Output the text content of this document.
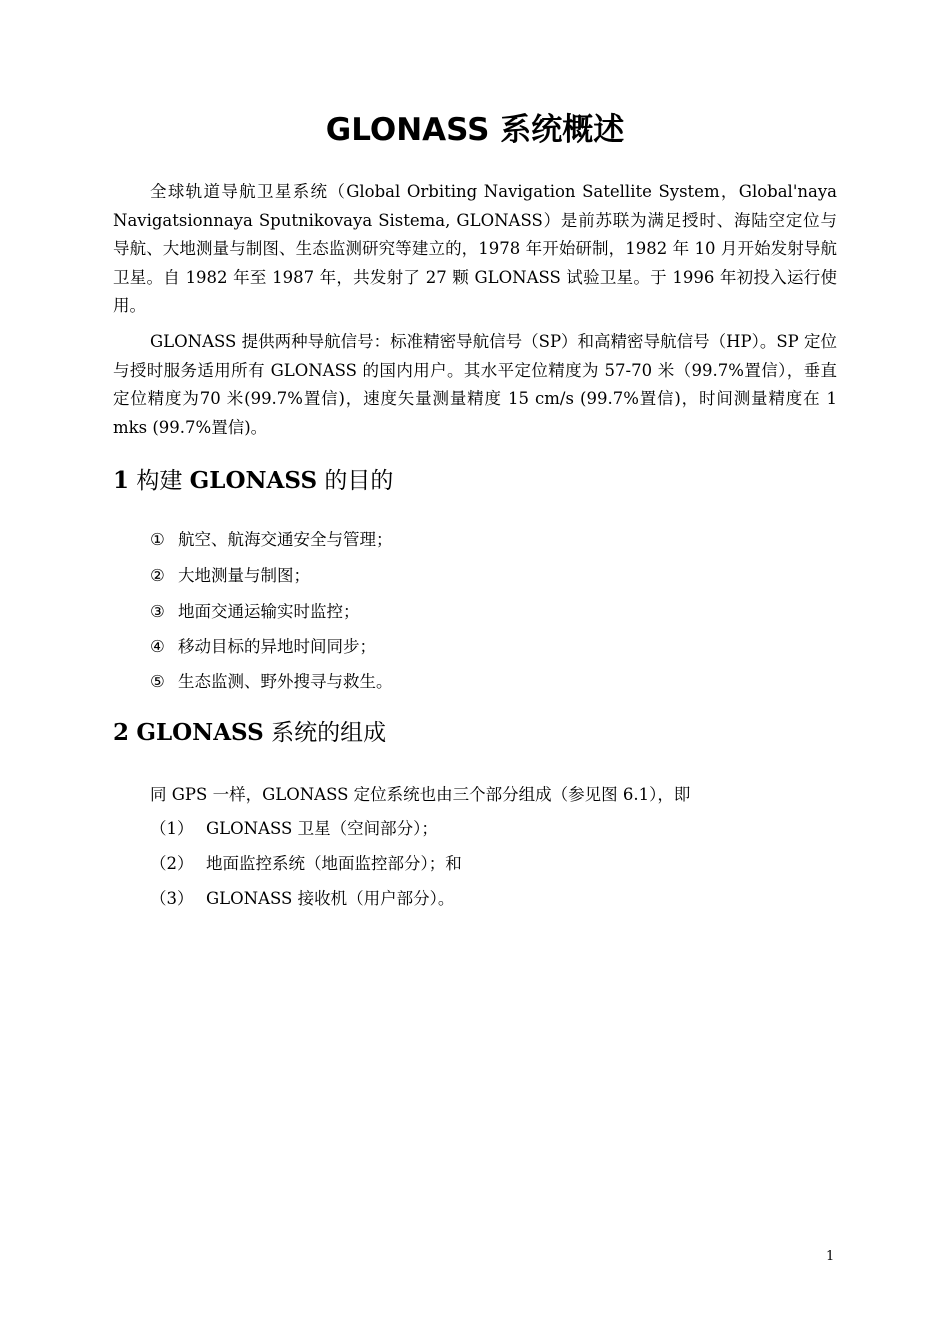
GLONASS 系统概述

全球轨道导航卫星系统（Global Orbiting Navigation Satellite System，Global'naya Navigatsionnaya Sputnikovaya Sistema, GLONASS）是前苏联为满足授时、海陆空定位与导航、大地测量与制图、生态监测研究等建立的，1978 年开始研制，1982 年 10 月开始发射导航卫星。自 1982 年至 1987 年，共发射了 27 颗 GLONASS 试验卫星。于 1996 年初投入运行使用。

GLONASS 提供两种导航信号：标准精密导航信号（SP）和高精密导航信号（HP）。SP 定位与授时服务适用所有 GLONASS 的国内用户。其水平定位精度为 57-70 米（99.7%置信），垂直定位精度为70 米(99.7%置信)，速度矢量测量精度 15 cm/s (99.7%置信)，时间测量精度在 1 mks (99.7%置信)。

1 构建 GLONASS 的目的

① 航空、航海交通安全与管理；

② 大地测量与制图；

③ 地面交通运输实时监控；

④ 移动目标的异地时间同步；

⑤ 生态监测、野外搜寻与救生。

2 GLONASS 系统的组成

同 GPS 一样，GLONASS 定位系统也由三个部分组成（参见图 6.1），即

（1） GLONASS 卫星（空间部分）；

（2） 地面监控系统（地面监控部分）；和

（3） GLONASS 接收机（用户部分）。

1
